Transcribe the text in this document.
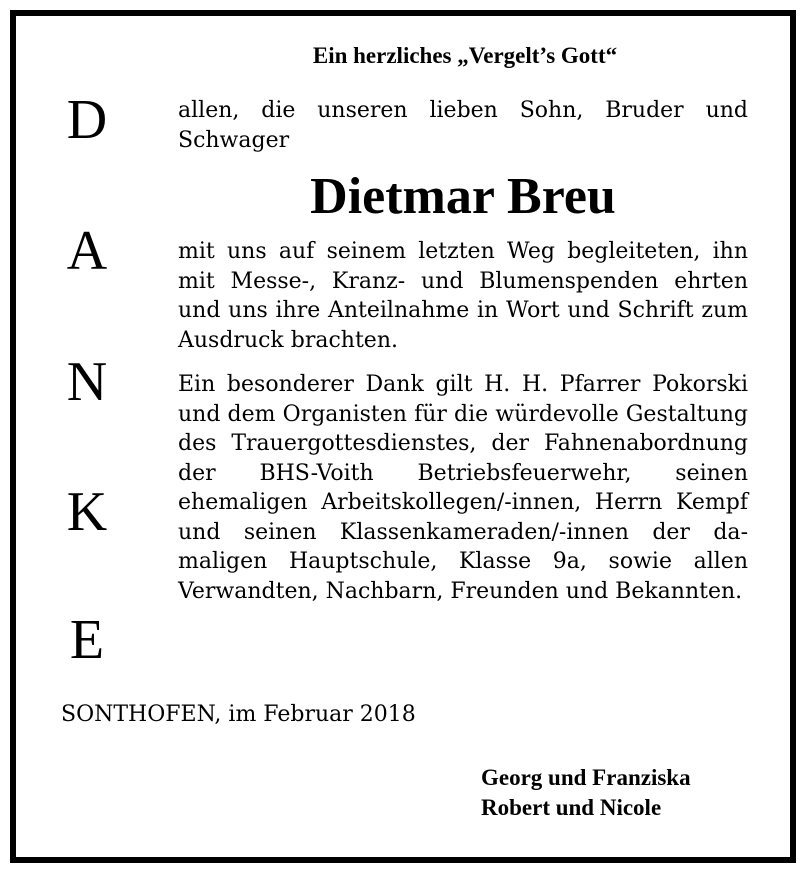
Ein herzliches „Vergelt’s Gott“
D
A
N
K
E
allen, die unseren lieben Sohn, Bruder und Schwager
Dietmar Breu
mit uns auf seinem letzten Weg begleiteten, ihn mit Messe-, Kranz- und Blumenspenden ehrten und uns ihre Anteilnahme in Wort und Schrift zum Ausdruck brachten.
Ein besonderer Dank gilt H. H. Pfarrer Pokorski und dem Organisten für die würdevolle Gestaltung des Trauergottesdienstes, der Fahnenabordnung der BHS-Voith Betriebsfeuerwehr, seinen ehemaligen Arbeitskollegen/-innen, Herrn Kempf und seinen Klassenkameraden/-innen der damaligen Hauptschule, Klasse 9a, sowie allen Verwandten, Nachbarn, Freunden und Bekannten.
SONTHOFEN, im Februar 2018
Georg und Franziska
Robert und Nicole
